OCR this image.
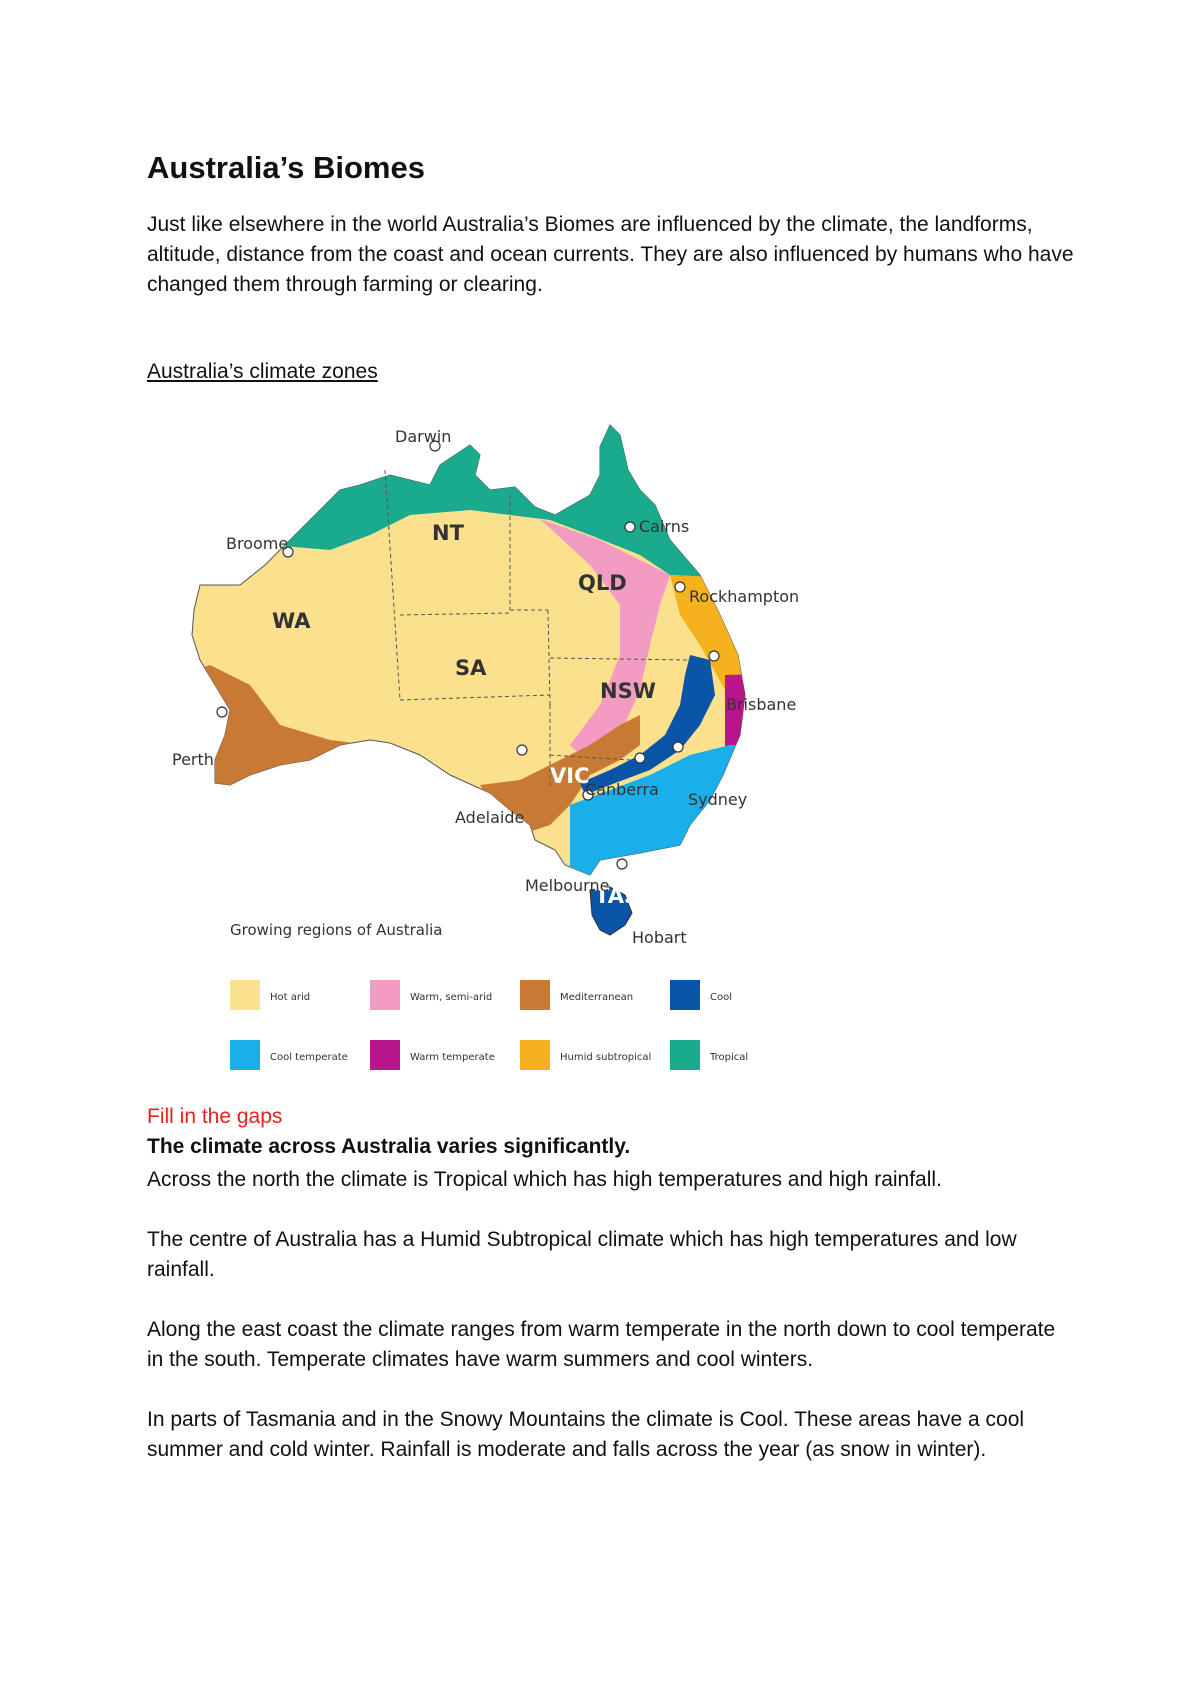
Australia’s Biomes

Just like elsewhere in the world Australia’s Biomes are influenced by the climate, the landforms, altitude, distance from the coast and ocean currents. They are also influenced by humans who have changed them through farming or clearing.

Australia’s climate zones

NT
WA
QLD
SA
NSW
VIC
TAS
Darwin
Broome
Cairns
Rockhampton
Brisbane
Perth
Sydney
Canberra
Adelaide
Melbourne
Hobart
Growing regions of Australia
Hot arid	Warm, semi-arid	Mediterranean	Cool
Cool temperate	Warm temperate	Humid subtropical	Tropical

Fill in the gaps

The climate across Australia varies significantly.

Across the north the climate is Tropical which has high temperatures and high rainfall.

The centre of Australia has a Humid Subtropical climate which has high temperatures and low rainfall.

Along the east coast the climate ranges from warm temperate in the north down to cool temperate in the south. Temperate climates have warm summers and cool winters.

In parts of Tasmania and in the Snowy Mountains the climate is Cool. These areas have a cool summer and cold winter. Rainfall is moderate and falls across the year (as snow in winter).
